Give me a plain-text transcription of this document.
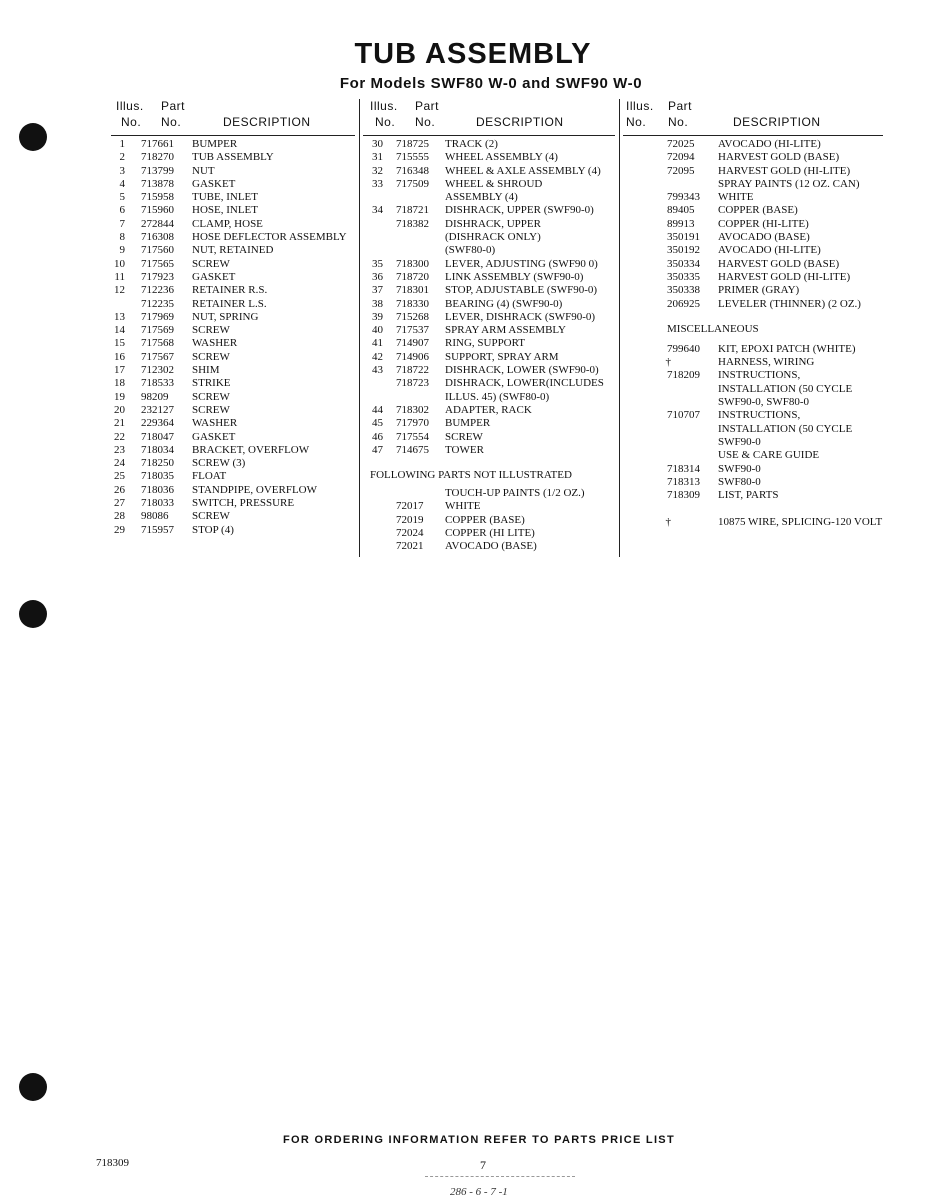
TUB ASSEMBLY
For Models SWF80 W-0 and SWF90 W-0
Illus. Part
No. No.	DESCRIPTION
1 717661 BUMPER
2 718270 TUB ASSEMBLY
3 713799 NUT
4 713878 GASKET
5 715958 TUBE, INLET
6 715960 HOSE, INLET
7 272844 CLAMP, HOSE
8 716308 HOSE DEFLECTOR ASSEMBLY
9 717560 NUT, RETAINED
10 717565 SCREW
11 717923 GASKET
12 712236 RETAINER R.S.
712235 RETAINER L.S.
13 717969 NUT, SPRING
14 717569 SCREW
15 717568 WASHER
16 717567 SCREW
17 712302 SHIM
18 718533 STRIKE
19 98209 SCREW
20 232127 SCREW
21 229364 WASHER
22 718047 GASKET
23 718034 BRACKET, OVERFLOW
24 718250 SCREW (3)
25 718035 FLOAT
26 718036 STANDPIPE, OVERFLOW
27 718033 SWITCH, PRESSURE
28 98086 SCREW
29 715957 STOP (4)
Illus. Part
No. No.	DESCRIPTION
30 718725 TRACK (2)
31 715555 WHEEL ASSEMBLY (4)
32 716348 WHEEL & AXLE ASSEMBLY (4)
33 717509 WHEEL & SHROUD
ASSEMBLY (4)
34 718721 DISHRACK, UPPER (SWF90-0)
718382 DISHRACK, UPPER
(DISHRACK ONLY)
(SWF80-0)
35 718300 LEVER, ADJUSTING (SWF90 0)
36 718720 LINK ASSEMBLY (SWF90-0)
37 718301 STOP, ADJUSTABLE (SWF90-0)
38 718330 BEARING (4) (SWF90-0)
39 715268 LEVER, DISHRACK (SWF90-0)
40 717537 SPRAY ARM ASSEMBLY
41 714907 RING, SUPPORT
42 714906 SUPPORT, SPRAY ARM
43 718722 DISHRACK, LOWER (SWF90-0)
718723 DISHRACK, LOWER(INCLUDES
ILLUS. 45) (SWF80-0)
44 718302 ADAPTER, RACK
45 717970 BUMPER
46 717554 SCREW
47 714675 TOWER
FOLLOWING PARTS NOT ILLUSTRATED
TOUCH-UP PAINTS (1/2 OZ.)
72017 WHITE
72019 COPPER (BASE)
72024 COPPER (HI LITE)
72021 AVOCADO (BASE)
Illus. Part
No. No.	DESCRIPTION
72025 AVOCADO (HI-LITE)
72094 HARVEST GOLD (BASE)
72095 HARVEST GOLD (HI-LITE)
SPRAY PAINTS (12 OZ. CAN)
799343 WHITE
89405 COPPER (BASE)
89913 COPPER (HI-LITE)
350191 AVOCADO (BASE)
350192 AVOCADO (HI-LITE)
350334 HARVEST GOLD (BASE)
350335 HARVEST GOLD (HI-LITE)
350338 PRIMER (GRAY)
206925 LEVELER (THINNER) (2 OZ.)
MISCELLANEOUS
799640 KIT, EPOXI PATCH (WHITE)
†	HARNESS, WIRING
718209 INSTRUCTIONS,
INSTALLATION (50 CYCLE
SWF90-0, SWF80-0
710707 INSTRUCTIONS,
INSTALLATION (50 CYCLE
SWF90-0
USE & CARE GUIDE
718314 SWF90-0
718313 SWF80-0
718309 LIST, PARTS
†	10875 WIRE, SPLICING-120 VOLT
FOR ORDERING INFORMATION REFER TO PARTS PRICE LIST
718309	7
286 - 6 - 7 -1
